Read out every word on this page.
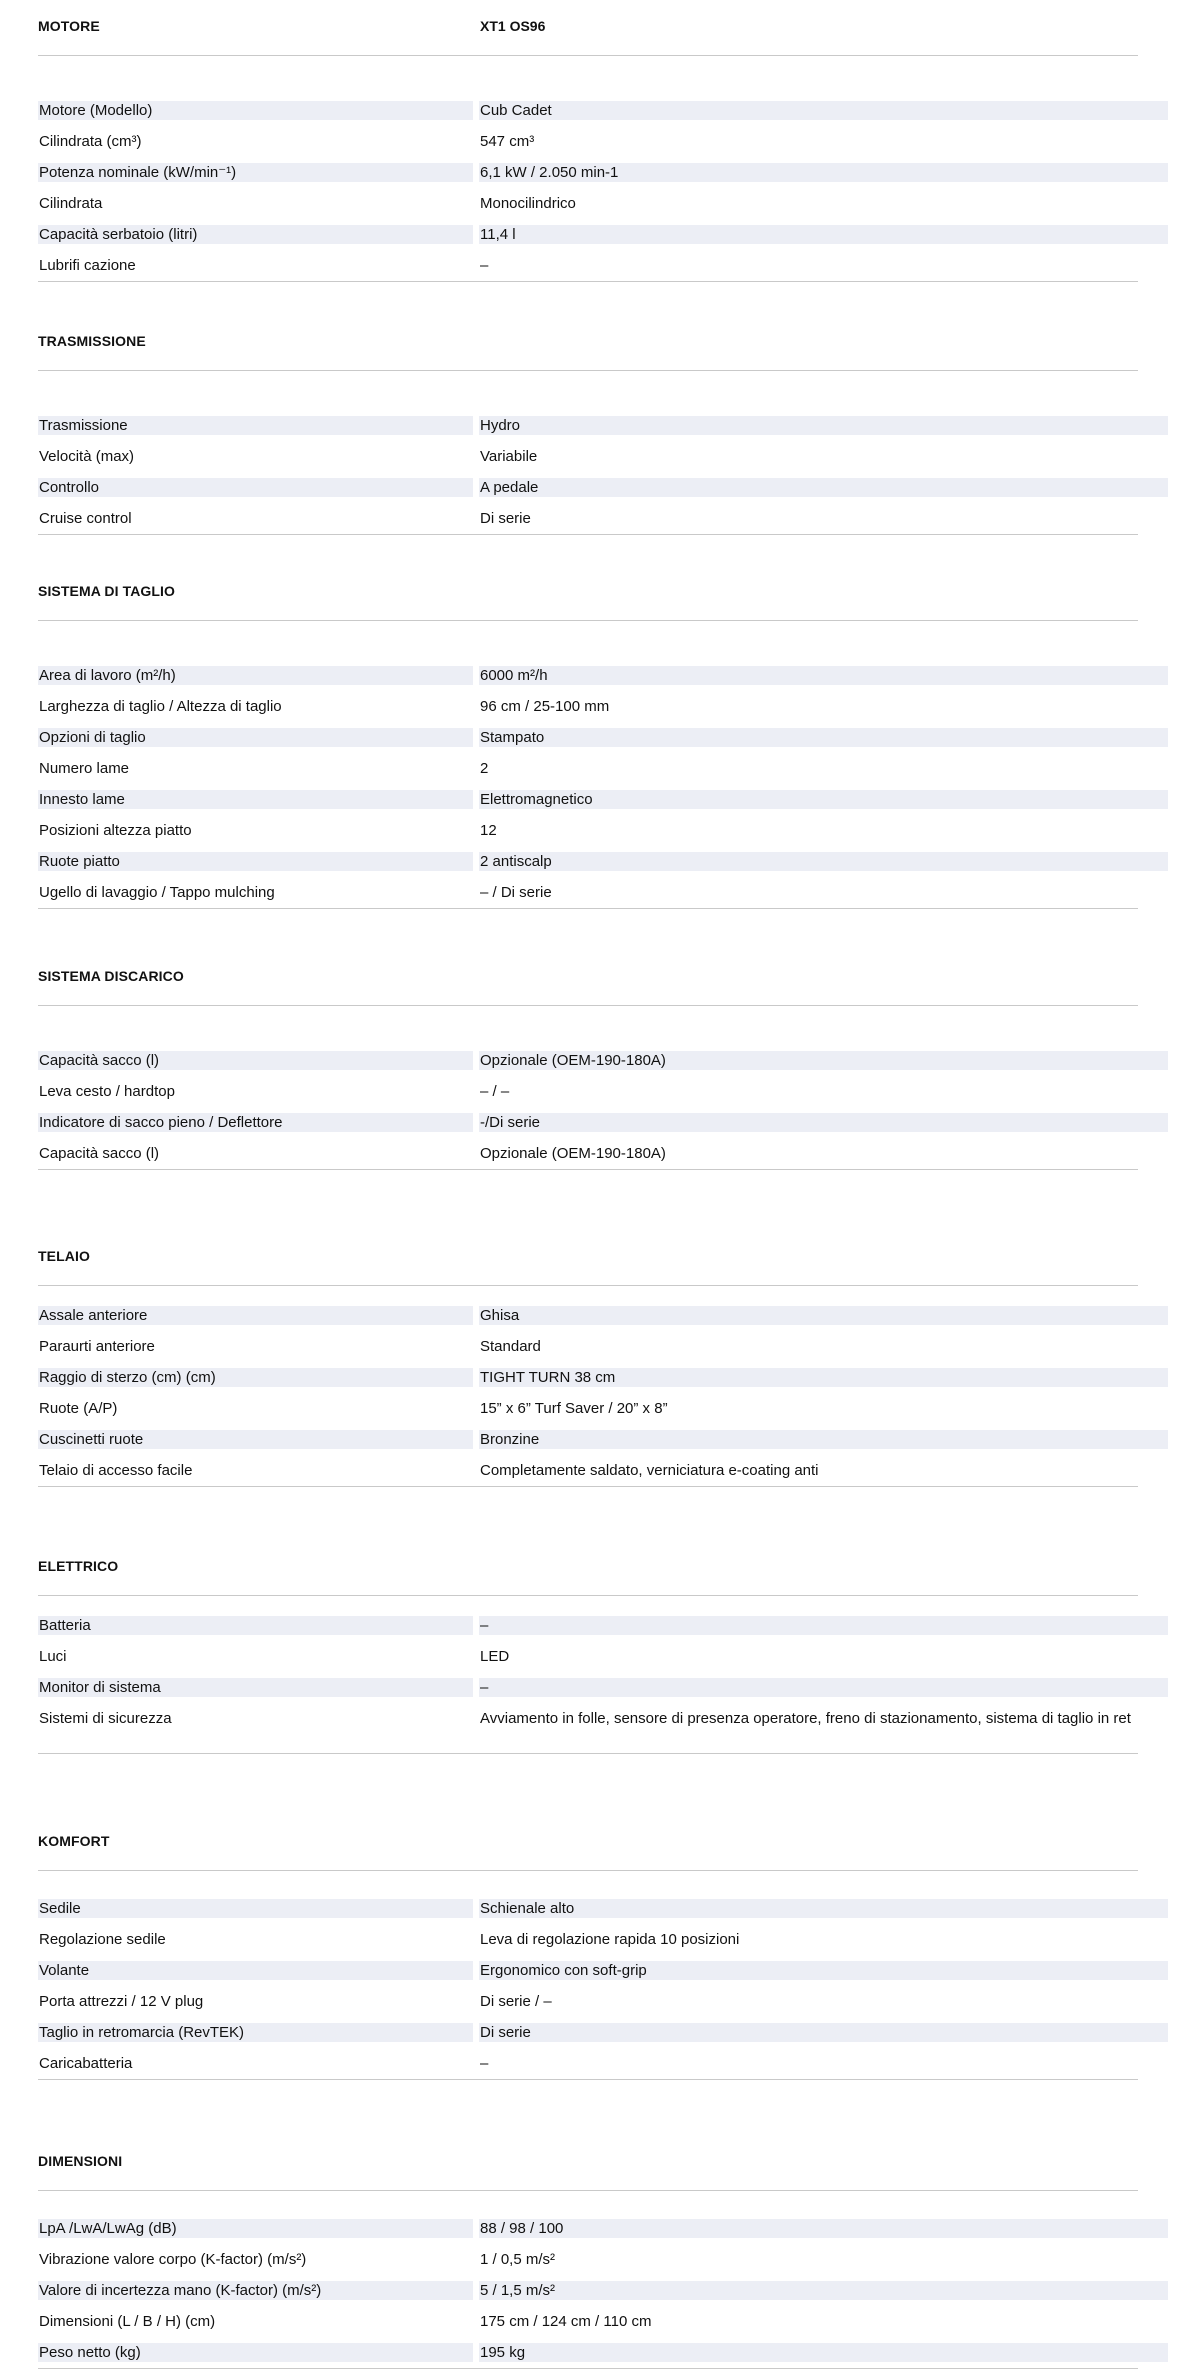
MOTORE	XT1 OS96
Motore (Modello)	Cub Cadet
Cilindrata (cm³)	547 cm³
Potenza nominale (kW/min⁻¹)	6,1 kW / 2.050 min-1
Cilindrata	Monocilindrico
Capacità serbatoio (litri)	11,4 l
Lubrifi cazione	–
TRASMISSIONE
Trasmissione	Hydro
Velocità (max)	Variabile
Controllo	A pedale
Cruise control	Di serie
SISTEMA DI TAGLIO
Area di lavoro (m²/h)	6000 m²/h
Larghezza di taglio / Altezza di taglio	96 cm / 25-100 mm
Opzioni di taglio	Stampato
Numero lame	2
Innesto lame	Elettromagnetico
Posizioni altezza piatto	12
Ruote piatto	2 antiscalp
Ugello di lavaggio / Tappo mulching	– / Di serie
SISTEMA DISCARICO
Capacità sacco (l)	Opzionale (OEM-190-180A)
Leva cesto / hardtop	– / –
Indicatore di sacco pieno / Deflettore	-/Di serie
Capacità sacco (l)	Opzionale (OEM-190-180A)
TELAIO
Assale anteriore	Ghisa
Paraurti anteriore	Standard
Raggio di sterzo (cm) (cm)	TIGHT TURN 38 cm
Ruote (A/P)	15” x 6” Turf Saver / 20” x 8”
Cuscinetti ruote	Bronzine
Telaio di accesso facile	Completamente saldato, verniciatura e-coating anti
ELETTRICO
Batteria	–
Luci	LED
Monitor di sistema	–
Sistemi di sicurezza	Avviamento in folle, sensore di presenza operatore, freno di stazionamento, sistema di taglio in ret
KOMFORT
Sedile	Schienale alto
Regolazione sedile	Leva di regolazione rapida 10 posizioni
Volante	Ergonomico con soft-grip
Porta attrezzi / 12 V plug	Di serie / –
Taglio in retromarcia (RevTEK)	Di serie
Caricabatteria	–
DIMENSIONI
LpA /LwA/LwAg (dB)	88 / 98 / 100
Vibrazione valore corpo (K-factor) (m/s²)	1 / 0,5 m/s²
Valore di incertezza mano (K-factor) (m/s²)	5 / 1,5 m/s²
Dimensioni (L / B / H) (cm)	175 cm / 124 cm / 110 cm
Peso netto (kg)	195 kg
